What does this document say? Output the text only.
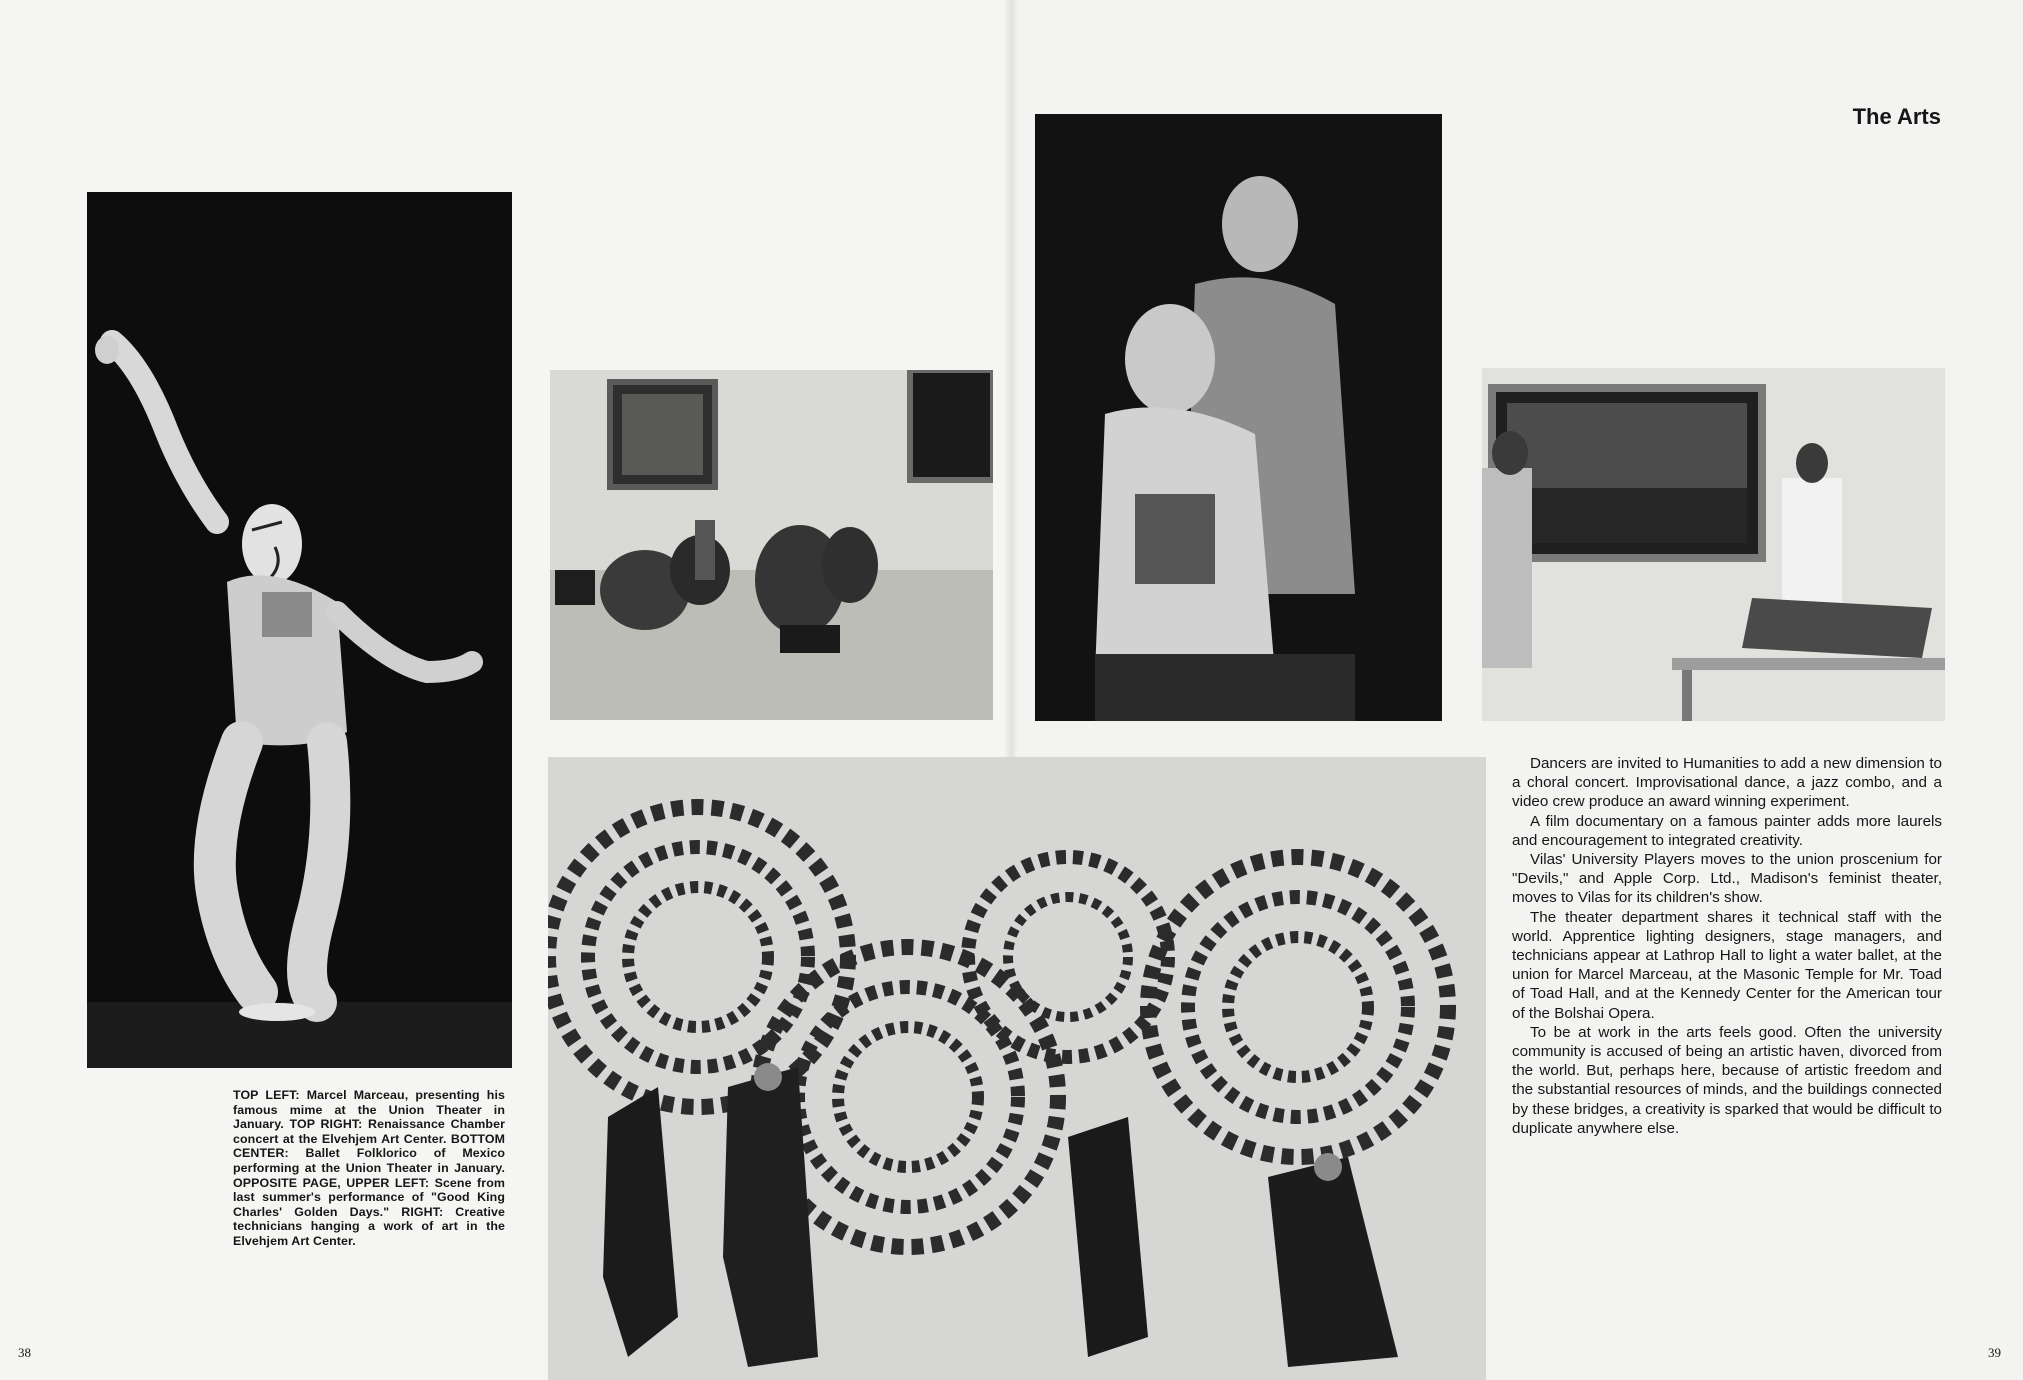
The Arts

TOP LEFT: Marcel Marceau, presenting his famous mime at the Union Theater in January. TOP RIGHT: Renaissance Chamber concert at the Elvehjem Art Center. BOTTOM CENTER: Ballet Folklorico of Mexico performing at the Union Theater in January. OPPOSITE PAGE, UPPER LEFT: Scene from last summer's performance of "Good King Charles' Golden Days." RIGHT: Creative technicians hanging a work of art in the Elvehjem Art Center.

Dancers are invited to Humanities to add a new dimension to a choral concert. Improvisational dance, a jazz combo, and a video crew produce an award winning experiment.

A film documentary on a famous painter adds more laurels and encouragement to integrated creativity.

Vilas' University Players moves to the union proscenium for "Devils," and Apple Corp. Ltd., Madison's feminist theater, moves to Vilas for its children's show.

The theater department shares it technical staff with the world. Apprentice lighting designers, stage managers, and technicians appear at Lathrop Hall to light a water ballet, at the union for Marcel Marceau, at the Masonic Temple for Mr. Toad of Toad Hall, and at the Kennedy Center for the American tour of the Bolshai Opera.

To be at work in the arts feels good. Often the university community is accused of being an artistic haven, divorced from the world. But, perhaps here, because of artistic freedom and the substantial resources of minds, and the buildings connected by these bridges, a creativity is sparked that would be difficult to duplicate anywhere else.

38	39
